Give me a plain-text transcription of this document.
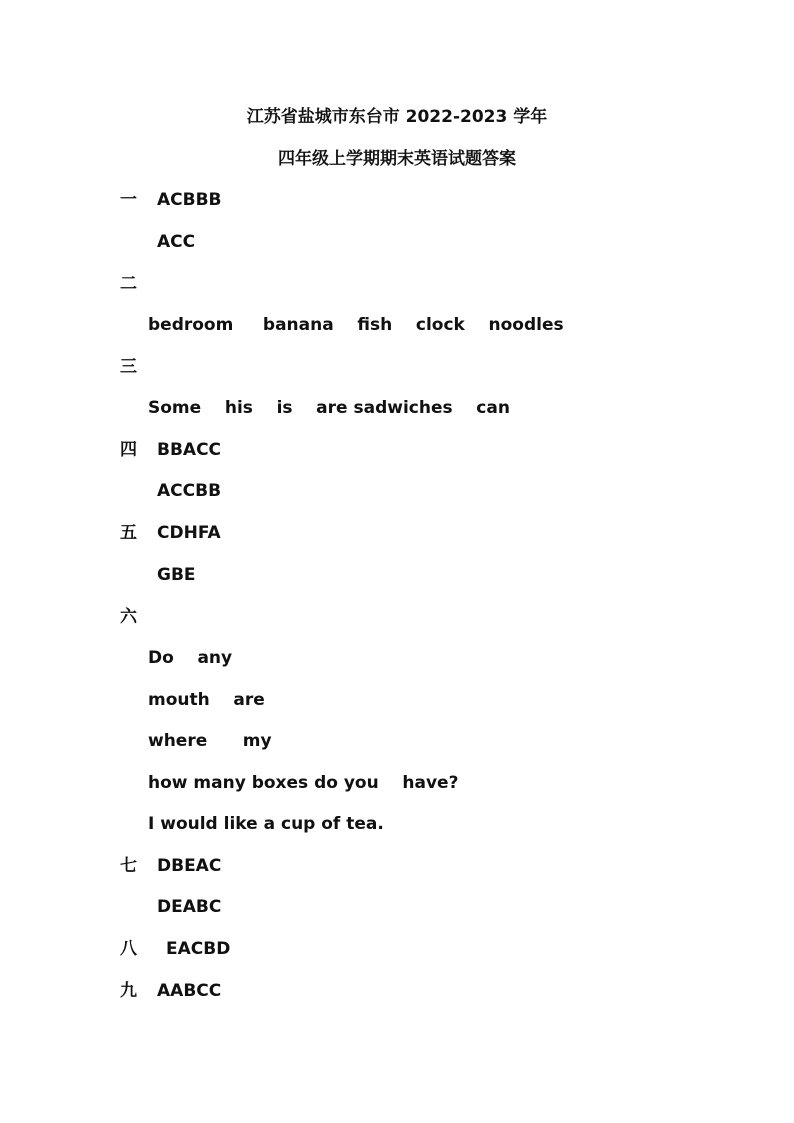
江苏省盐城市东台市 2022-2023 学年
四年级上学期期末英语试题答案

一

ACBBB

ACC

二

bedroom     banana    fish    clock    noodles

三

Some    his    is    are sadwiches    can

四

BBACC

ACCBB

五

CDHFA

GBE

六

Do    any

mouth    are

where      my

how many boxes do you    have?

I would like a cup of tea.

七

DBEAC

DEABC

八

EACBD

九

AABCC
